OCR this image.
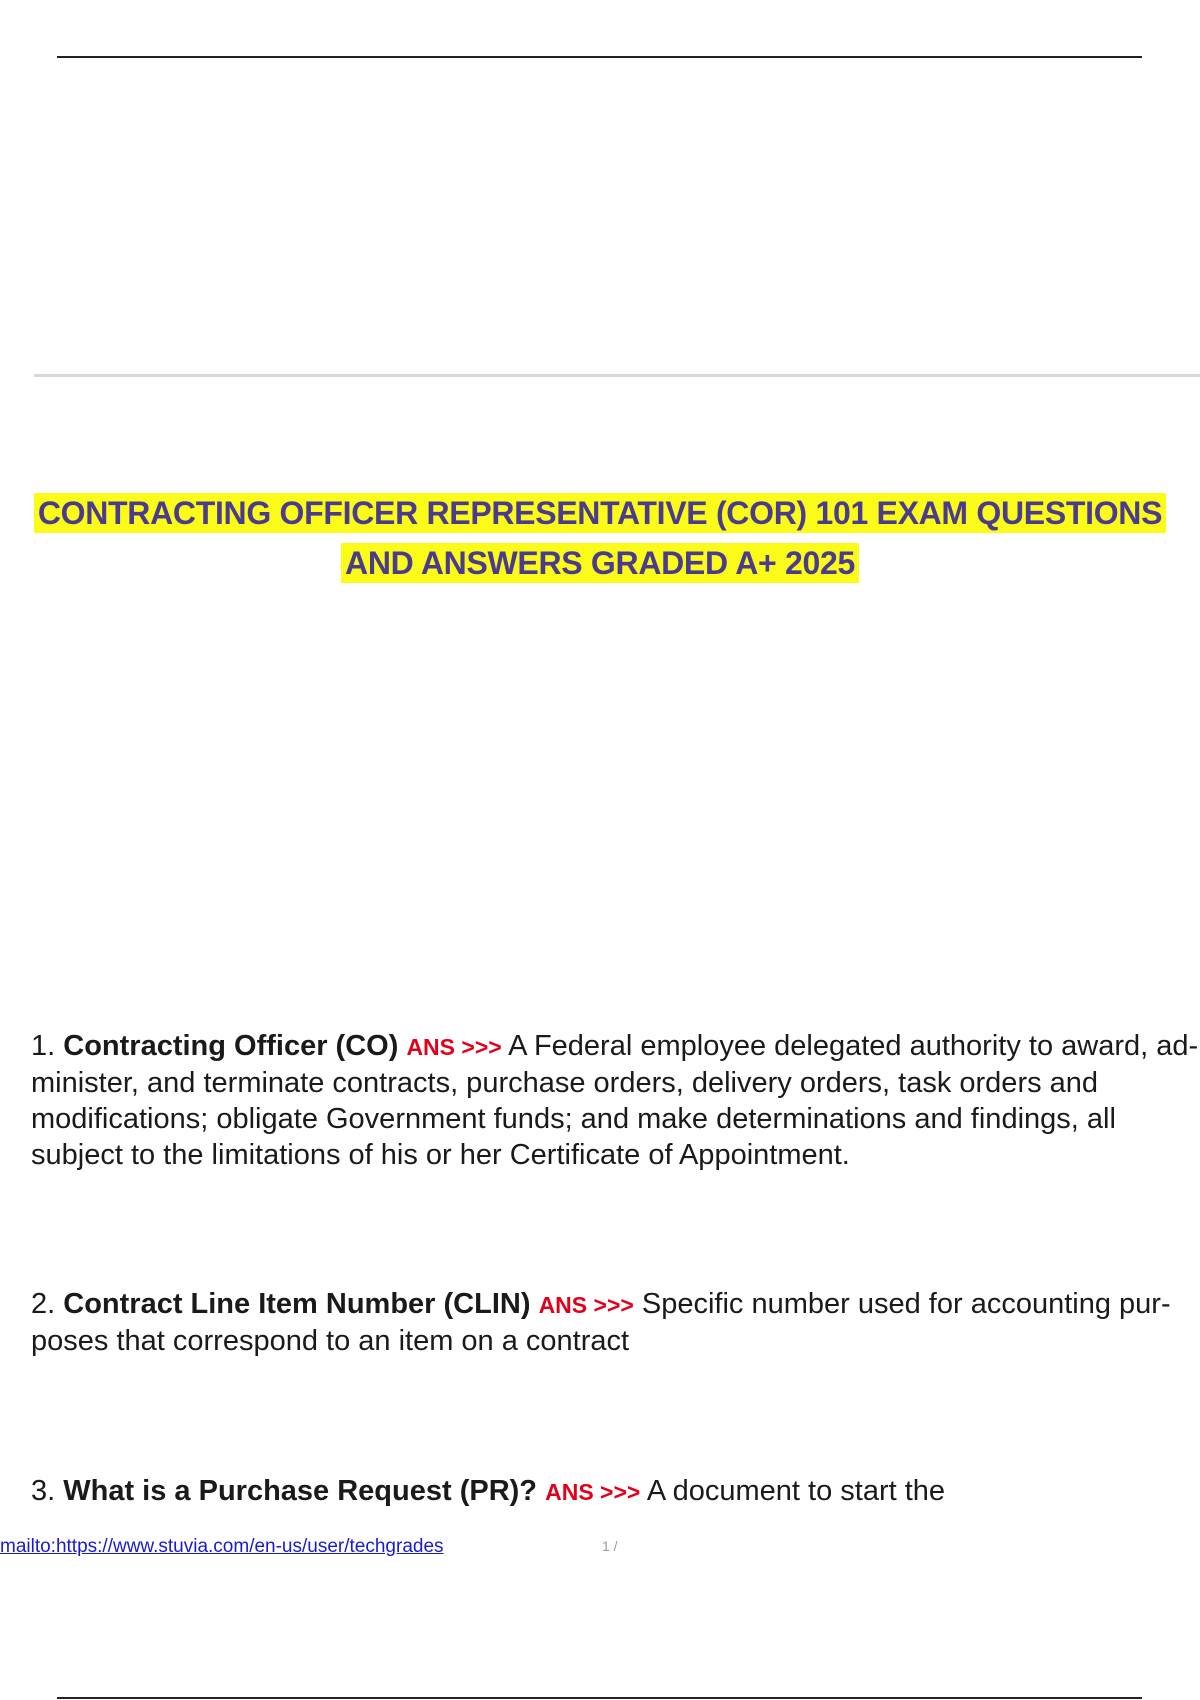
CONTRACTING OFFICER REPRESENTATIVE (COR) 101 EXAM QUESTIONS
AND ANSWERS GRADED A+ 2025

1. Contracting Officer (CO) ANS >>> A Federal employee delegated authority to award, ad- minister, and terminate contracts, purchase orders, delivery orders, task orders and modifications; obligate Government funds; and make determinations and findings, all subject to the limitations of his or her Certificate of Appointment.

2. Contract Line Item Number (CLIN) ANS >>> Specific number used for accounting pur- poses that correspond to an item on a contract

3. What is a Purchase Request (PR)? ANS >>> A document to start the

mailto:https://www.stuvia.com/en-us/user/techgrades	1 /
